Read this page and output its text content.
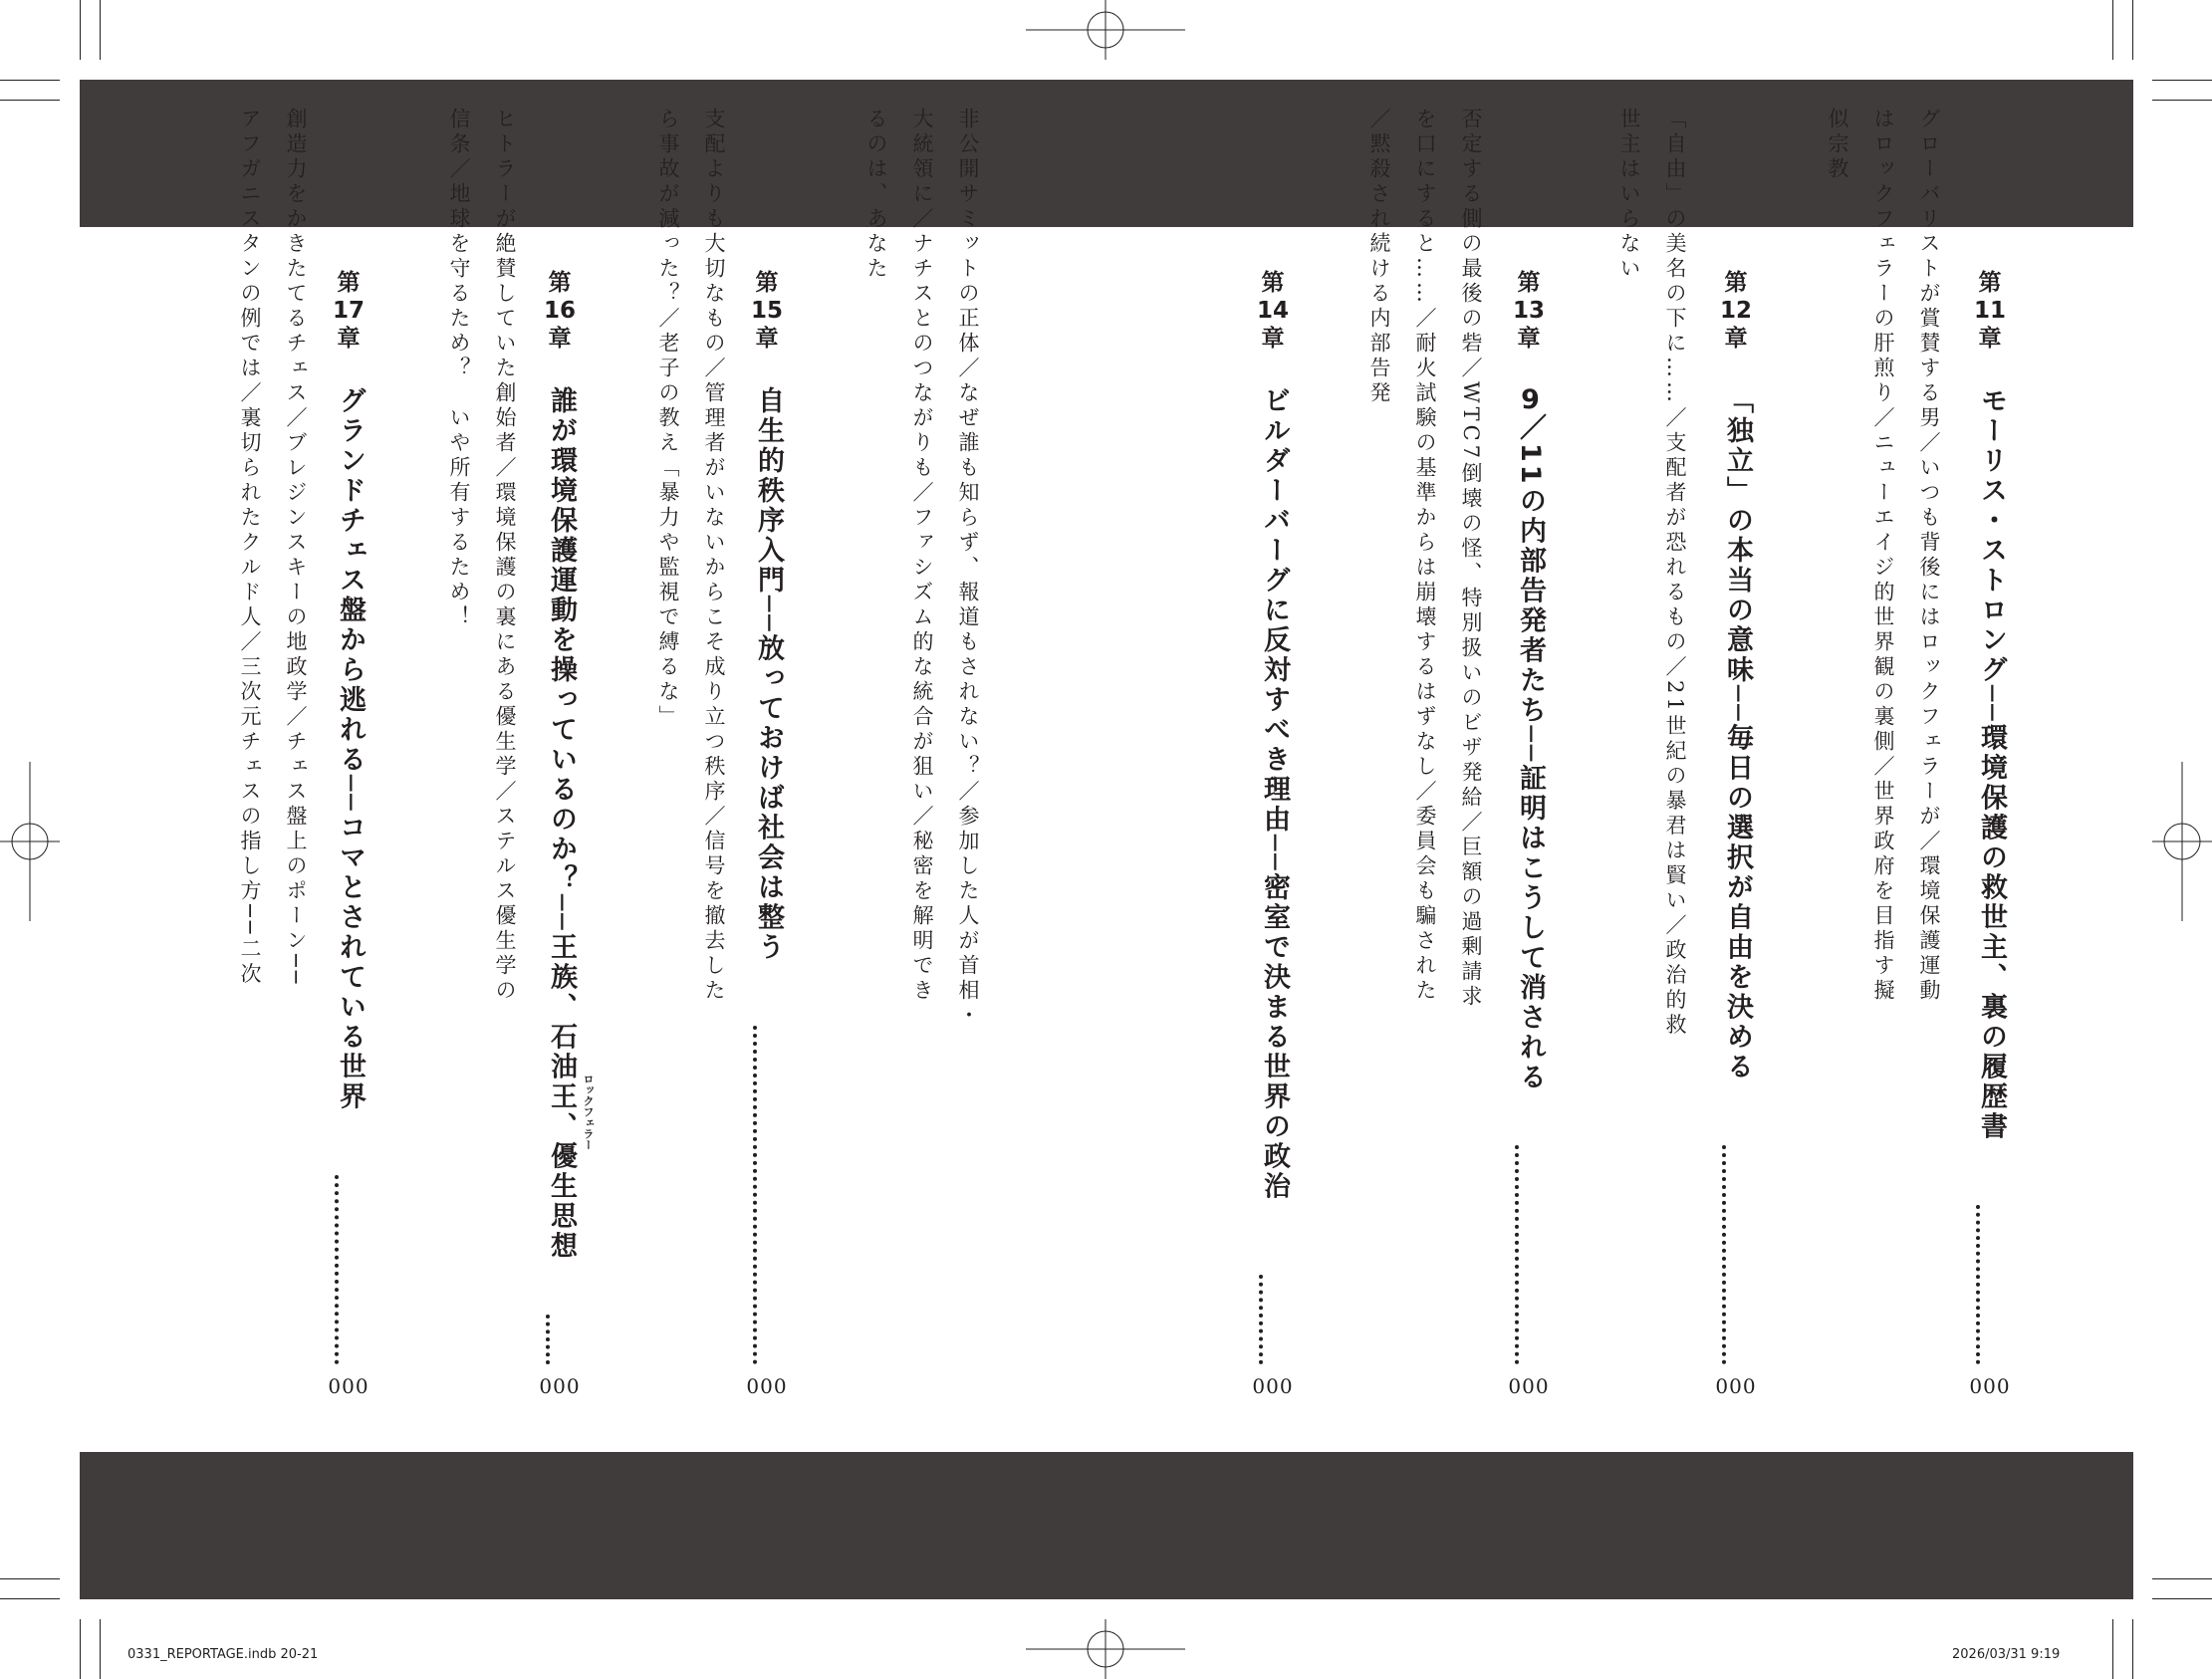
第
11
章
モーリス・ストロング──環境保護の救世主、裏の履歴書
000
グローバリストが賞賛する男／いつも背後にはロックフェラーが／環境保護運動
はロックフェラーの肝煎り／ニューエイジ的世界観の裏側／世界政府を目指す擬
似宗教
第
12
章
「独立」の本当の意味──毎日の選択が自由を決める
000
「自由」の美名の下に……／支配者が恐れるもの／21世紀の暴君は賢い／政治的救
世主はいらない
第
13
章
9／11の内部告発者たち──証明はこうして消される
000
否定する側の最後の砦／WTC7倒壊の怪、特別扱いのビザ発給／巨額の過剰請求
を口にすると……／耐火試験の基準からは崩壊するはずなし／委員会も騙された
／黙殺され続ける内部告発
第
14
章
ビルダーバーグに反対すべき理由──密室で決まる世界の政治
000
非公開サミットの正体／なぜ誰も知らず、報道もされない？／参加した人が首相・
大統領に／ナチスとのつながりも／ファシズム的な統合が狙い／秘密を解明でき
るのは、あなた
第
15
章
自生的秩序入門──放っておけば社会は整う
000
支配よりも大切なもの／管理者がいないからこそ成り立つ秩序／信号を撤去した
ら事故が減った？／老子の教え「暴力や監視で縛るな」
第
16
章
誰が環境保護運動を操っているのか？──王族、石油王、優生思想 ロックフェラー
000
ヒトラーが絶賛していた創始者／環境保護の裏にある優生学／ステルス優生学の
信条／地球を守るため？　いや所有するため！
第
17
章
グランドチェス盤から逃れる──コマとされている世界
000
創造力をかきたてるチェス／ブレジンスキーの地政学／チェス盤上のポーン──
アフガニスタンの例では／裏切られたクルド人／三次元チェスの指し方──二次
0331_REPORTAGE.indb 20-21	2026/03/31 9:19
